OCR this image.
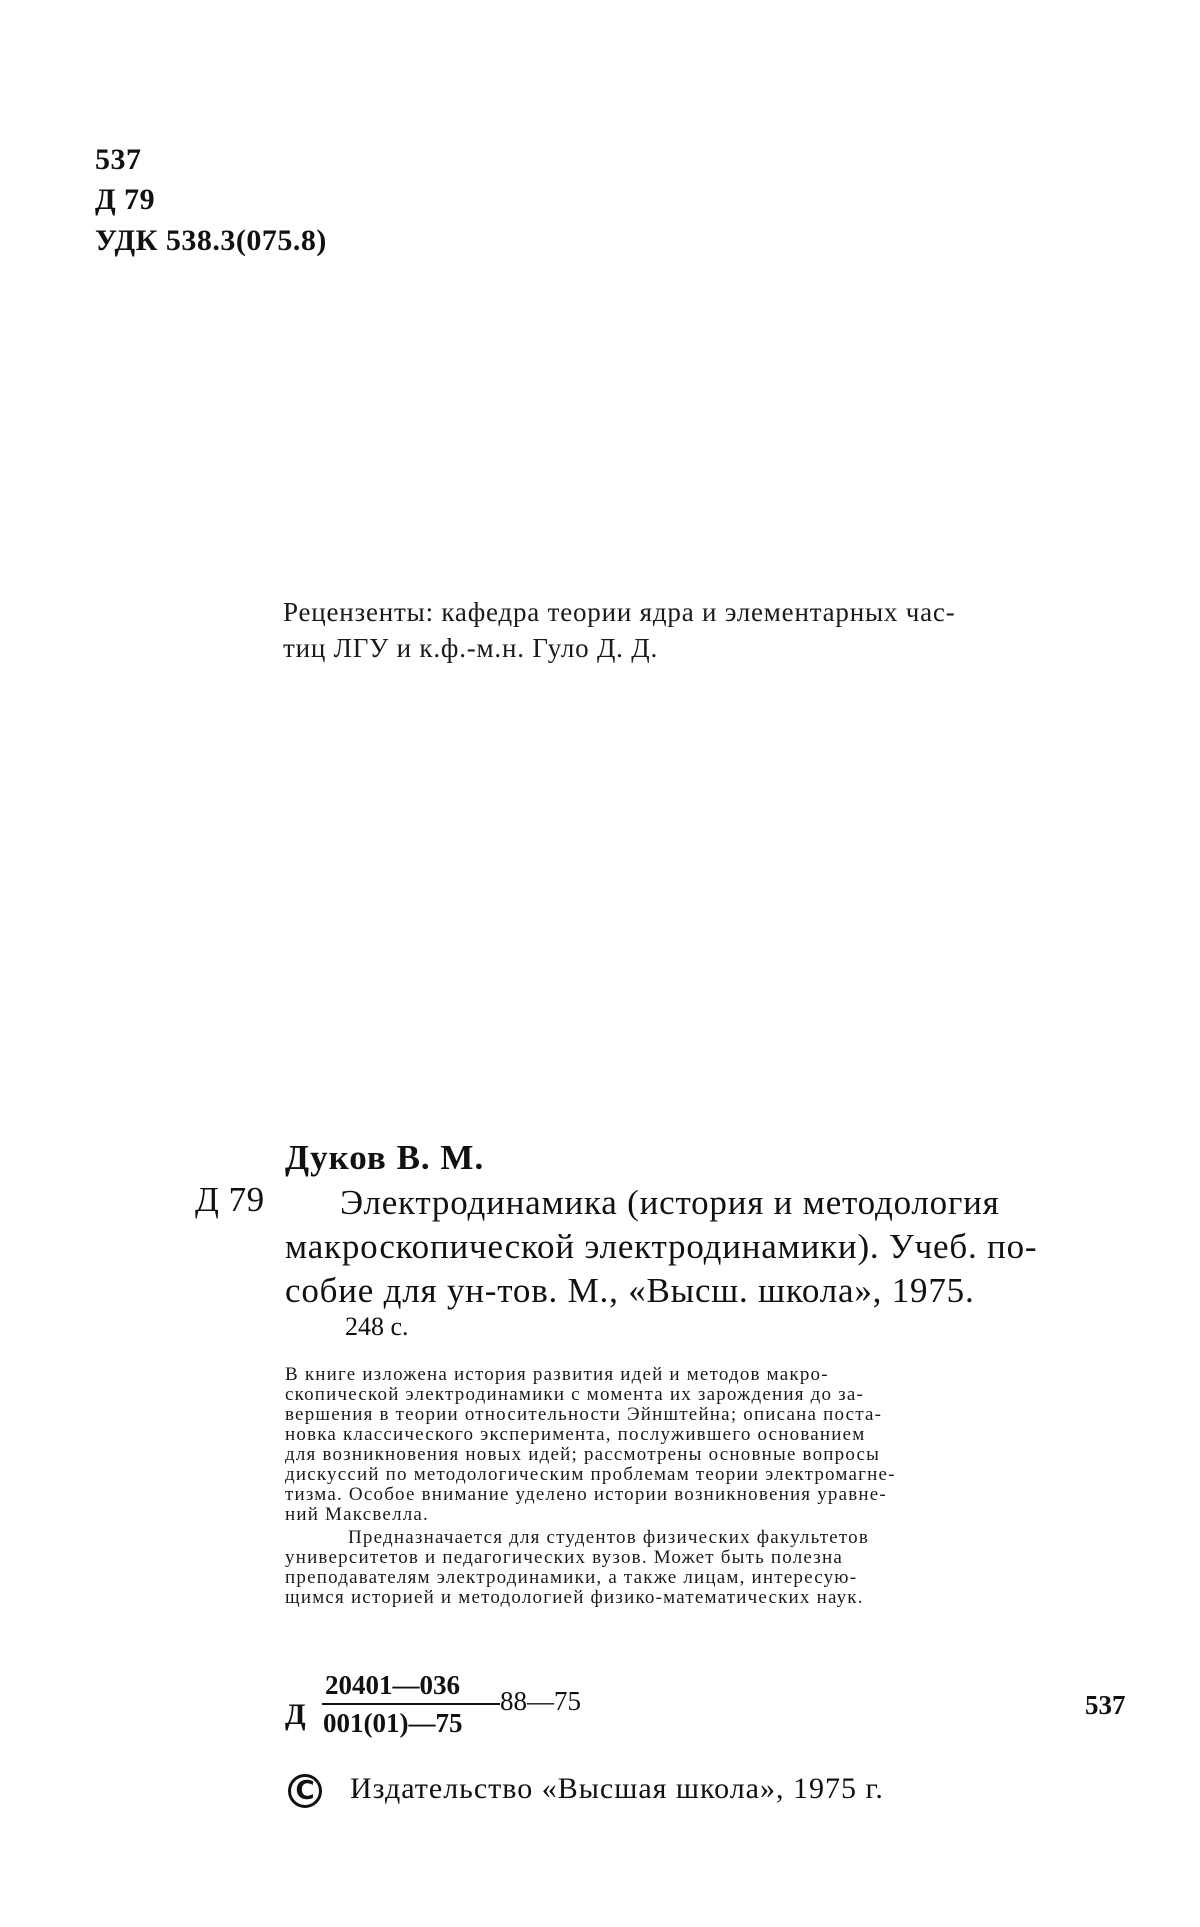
537

Д 79

УДК 538.3(075.8)

Рецензенты: кафедра теории ядра и элементарных час-

тиц ЛГУ и к.ф.-м.н. Гуло Д. Д.

Дуков В. М.

Д 79 Электродинамика (история и методология

макроскопической электродинамики). Учеб. по-

собие для ун-тов. М., «Высш. школа», 1975.

248 с.

В книге изложена история развития идей и методов макро-

скопической электродинамики с момента их зарождения до за-

вершения в теории относительности Эйнштейна; описана поста-

новка классического эксперимента, послужившего основанием

для возникновения новых идей; рассмотрены основные вопросы

дискуссий по методологическим проблемам теории электромагне-

тизма. Особое внимание уделено истории возникновения уравне-

ний Максвелла.

Предназначается для студентов физических факультетов

университетов и педагогических вузов. Может быть полезна

преподавателям электродинамики, а также лицам, интересую-

щимся историей и методологией физико-математических наук.

Д
20401—036
001(01)—75
88—75	537
C Издательство «Высшая школа», 1975 г.
